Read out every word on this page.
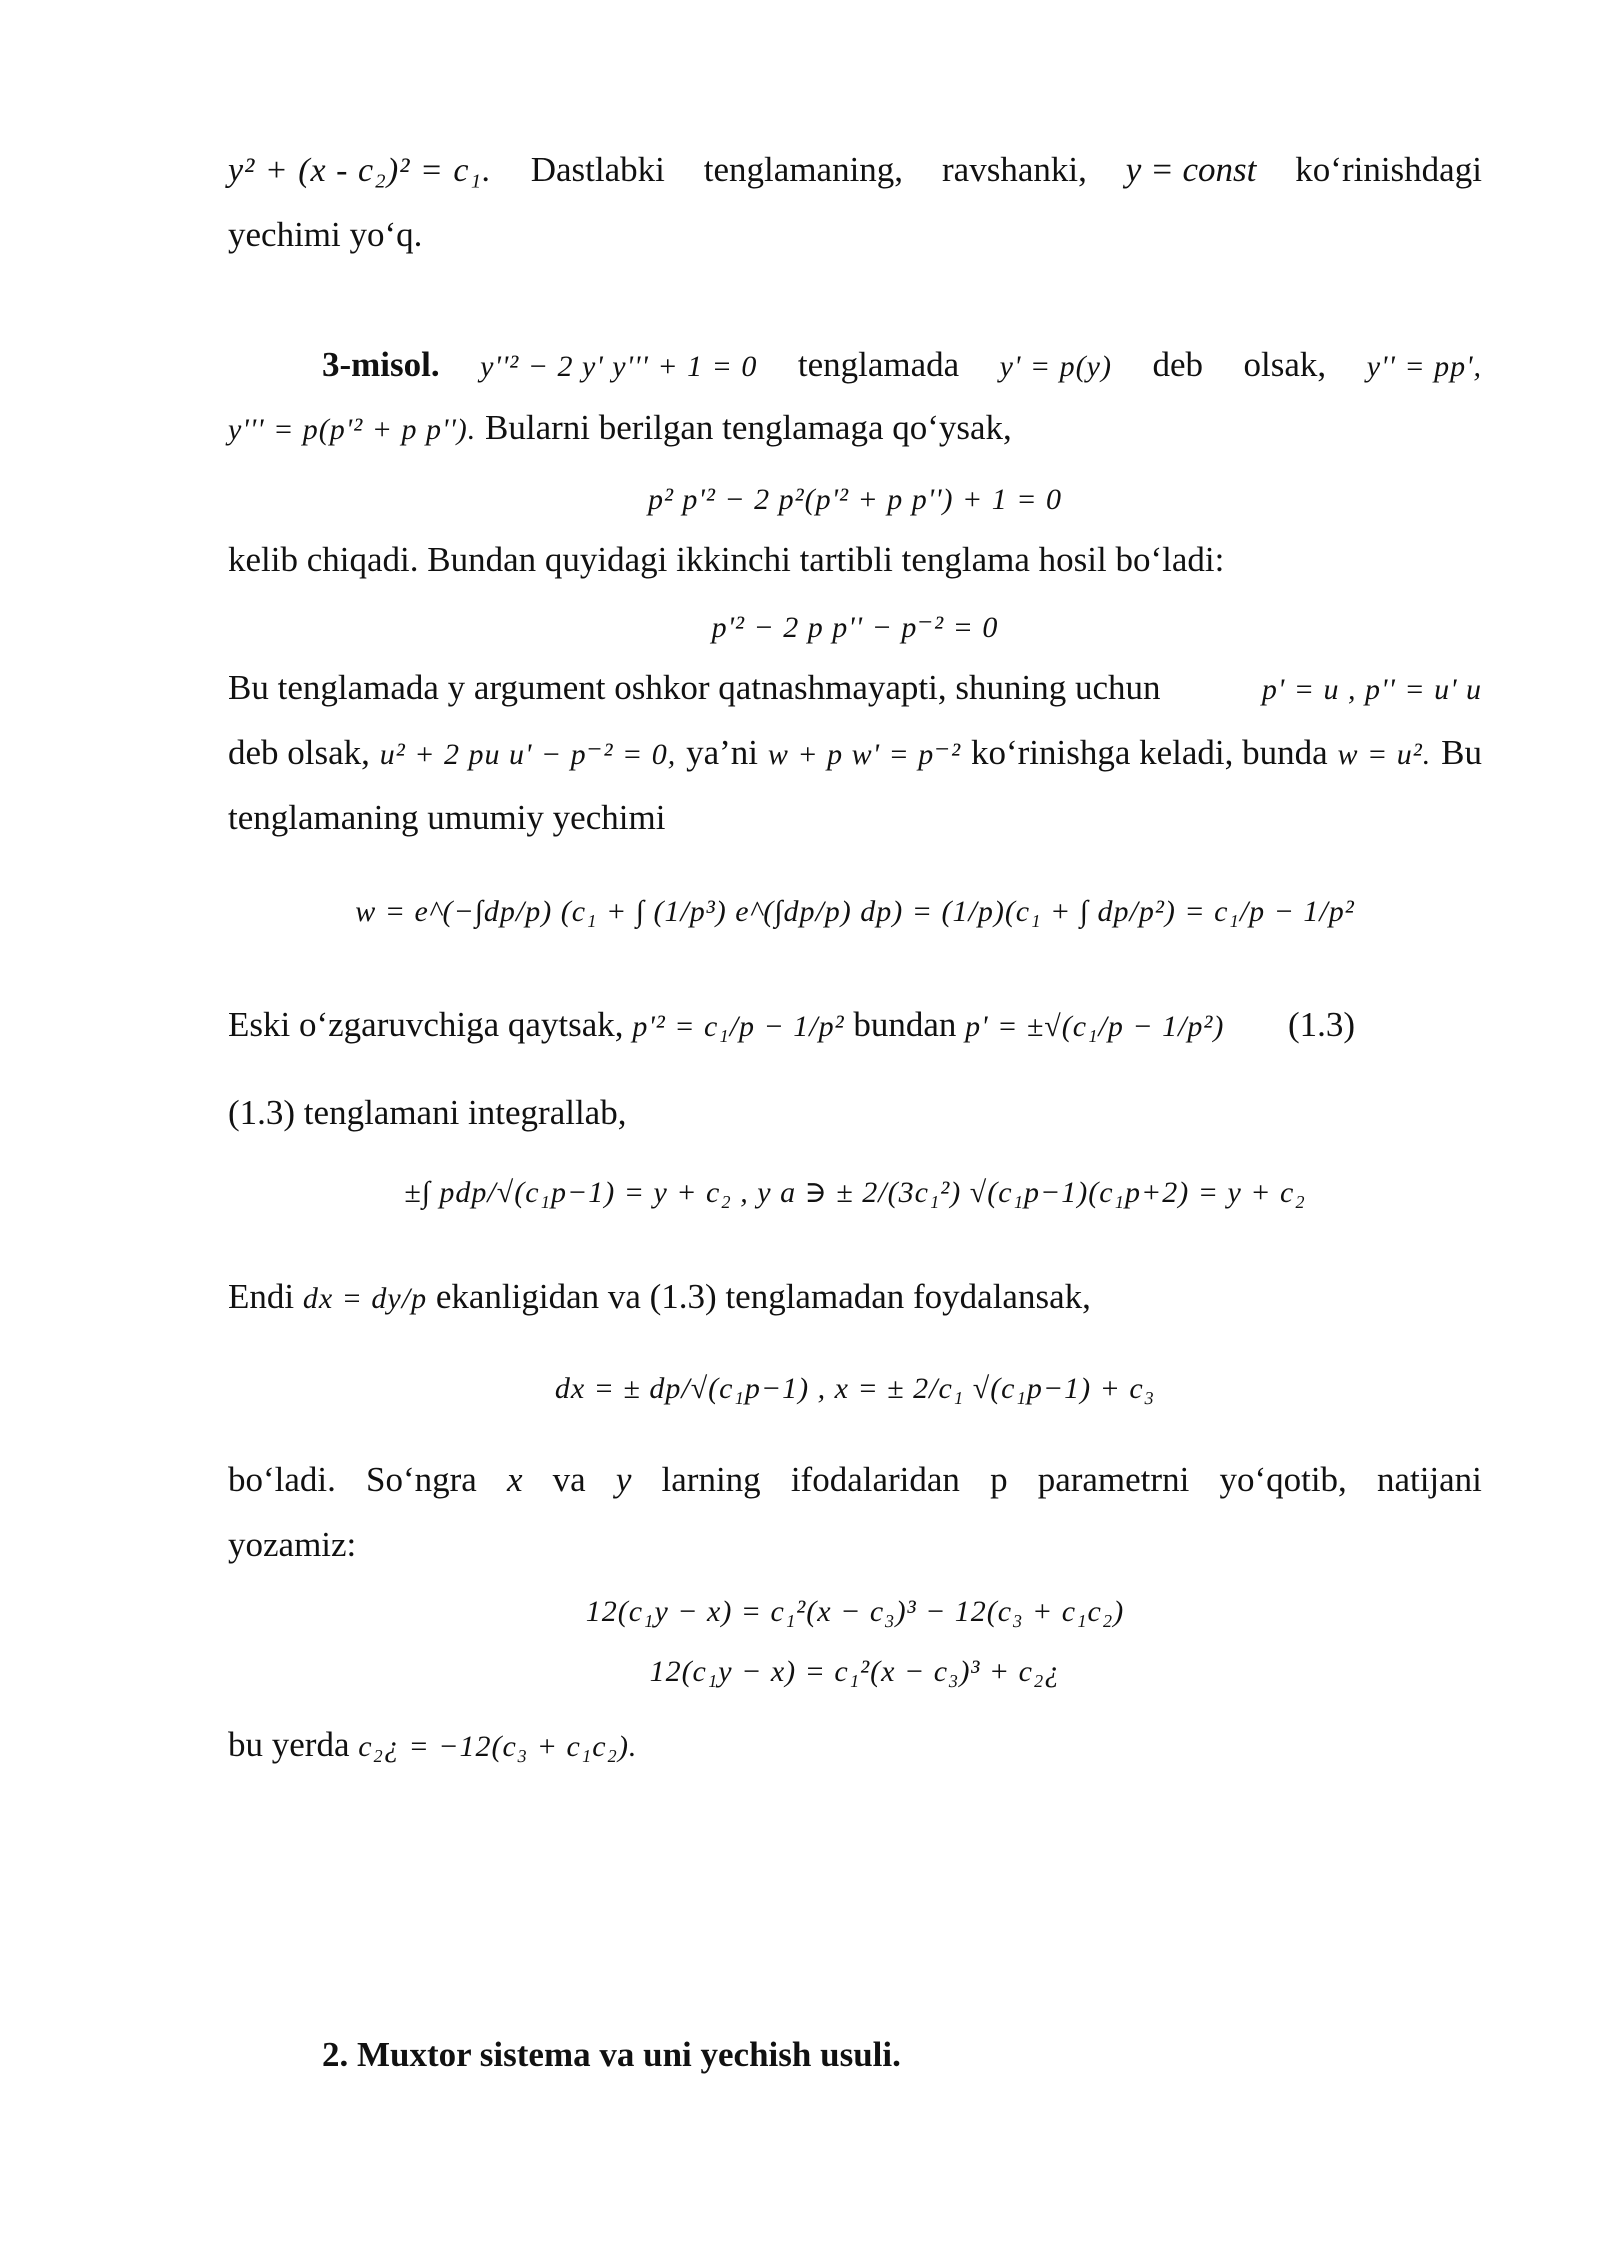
y² + (x - c₂)² = c₁. Dastlabki tenglamaning, ravshanki, y = const ko‘rinishdagi
yechimi yo‘q.
3-misol. y''² − 2 y' y''' + 1 = 0 tenglamada y' = p(y) deb olsak, y'' = pp',
y''' = p(p'² + p p''). Bularni berilgan tenglamaga qo‘ysak,
p² p'² − 2 p²(p'² + p p'') + 1 = 0
kelib chiqadi. Bundan quyidagi ikkinchi tartibli tenglama hosil bo‘ladi:
p'² − 2 p p'' − p⁻² = 0
Bu tenglamada y argument oshkor qatnashmayapti, shuning uchun	p' = u , p'' = u' u
deb olsak, u² + 2 pu u' − p⁻² = 0, ya’ni w + p w' = p⁻² ko‘rinishga keladi, bunda w = u². Bu
tenglamaning umumiy yechimi
w = e^(−∫dp/p) (c₁ + ∫ (1/p³) e^(∫dp/p) dp) = (1/p)(c₁ + ∫ dp/p²) = c₁/p − 1/p²
Eski o‘zgaruvchiga qaytsak, p'² = c₁/p − 1/p² bundan p' = ±√(c₁/p − 1/p²)	(1.3)
(1.3) tenglamani integrallab,
±∫ pdp/√(c₁p−1) = y + c₂ , y a ∋ ± 2/(3c₁²) √(c₁p−1)(c₁p+2) = y + c₂
Endi dx = dy/p ekanligidan va (1.3) tenglamadan foydalansak,
dx = ± dp/√(c₁p−1) , x = ± 2/c₁ √(c₁p−1) + c₃
bo‘ladi. So‘ngra x va y larning ifodalaridan p parametrni yo‘qotib, natijani
yozamiz:
12(c₁y − x) = c₁²(x − c₃)³ − 12(c₃ + c₁c₂)
12(c₁y − x) = c₁²(x − c₃)³ + c₂¿
bu yerda c₂¿ = −12(c₃ + c₁c₂).
2. Muxtor sistema va uni yechish usuli.
